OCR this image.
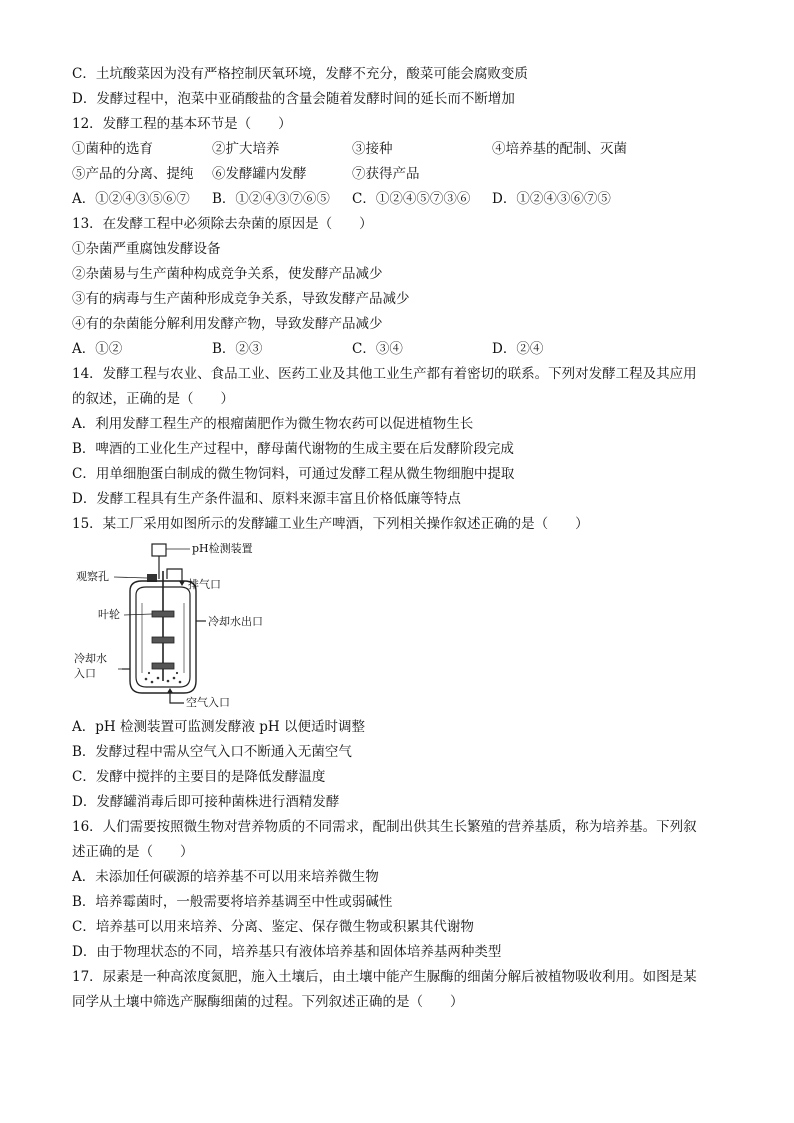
C．土坑酸菜因为没有严格控制厌氧环境，发酵不充分，酸菜可能会腐败变质
D．发酵过程中，泡菜中亚硝酸盐的含量会随着发酵时间的延长而不断增加
12．发酵工程的基本环节是（　　）
①菌种的选育	②扩大培养	③接种	④培养基的配制、灭菌
⑤产品的分离、提纯	⑥发酵罐内发酵	⑦获得产品
A．①②④③⑤⑥⑦	B．①②④③⑦⑥⑤	C．①②④⑤⑦③⑥	D．①②④③⑥⑦⑤
13．在发酵工程中必须除去杂菌的原因是（　　）
①杂菌严重腐蚀发酵设备
②杂菌易与生产菌种构成竞争关系，使发酵产品减少
③有的病毒与生产菌种形成竞争关系，导致发酵产品减少
④有的杂菌能分解利用发酵产物，导致发酵产品减少
A．①②	B．②③	C．③④	D．②④
14．发酵工程与农业、食品工业、医药工业及其他工业生产都有着密切的联系。下列对发酵工程及其应用
的叙述，正确的是（　　）
A．利用发酵工程生产的根瘤菌肥作为微生物农药可以促进植物生长
B．啤酒的工业化生产过程中，酵母菌代谢物的生成主要在后发酵阶段完成
C．用单细胞蛋白制成的微生物饲料，可通过发酵工程从微生物细胞中提取
D．发酵工程具有生产条件温和、原料来源丰富且价格低廉等特点
15．某工厂采用如图所示的发酵罐工业生产啤酒，下列相关操作叙述正确的是（　　）
pH检测装置
观察孔
排气口
叶轮
冷却水出口
冷却水
入口
空气入口
A．pH 检测装置可监测发酵液 pH 以便适时调整
B．发酵过程中需从空气入口不断通入无菌空气
C．发酵中搅拌的主要目的是降低发酵温度
D．发酵罐消毒后即可接种菌株进行酒精发酵
16．人们需要按照微生物对营养物质的不同需求，配制出供其生长繁殖的营养基质，称为培养基。下列叙
述正确的是（　　）
A．未添加任何碳源的培养基不可以用来培养微生物
B．培养霉菌时，一般需要将培养基调至中性或弱碱性
C．培养基可以用来培养、分离、鉴定、保存微生物或积累其代谢物
D．由于物理状态的不同，培养基只有液体培养基和固体培养基两种类型
17．尿素是一种高浓度氮肥，施入土壤后，由土壤中能产生脲酶的细菌分解后被植物吸收利用。如图是某
同学从土壤中筛选产脲酶细菌的过程。下列叙述正确的是（　　）
